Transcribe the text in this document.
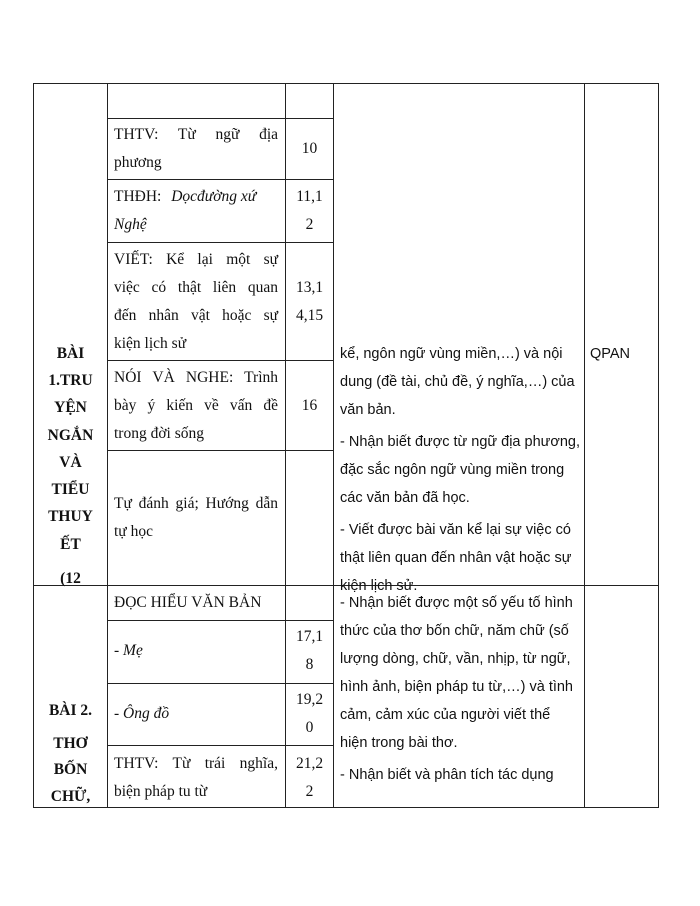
BÀI
1.TRU
YỆN
NGẮN
VÀ
TIỂU
THUY
ẾT
(12
THTV: Từ ngữ địa
phương
10
THĐH: Dọcđường xứ
Nghệ
11,1
2
VIẾT: Kể lại một sự
việc có thật liên quan
đến nhân vật hoặc sự
kiện lịch sử
13,1
4,15
NÓI VÀ NGHE: Trình
bày ý kiến về vấn đề
trong đời sống
16
Tự đánh giá; Hướng dẫn
tự học
kể, ngôn ngữ vùng miền,…) và nội
dung (đề tài, chủ đề, ý nghĩa,…) của
văn bản.
- Nhận biết được từ ngữ địa phương,
đặc sắc ngôn ngữ vùng miền trong
các văn bản đã học.
- Viết được bài văn kể lại sự việc có
thật liên quan đến nhân vật hoặc sự
kiện lịch sử.
QPAN
BÀI 2.
THƠ
BỐN
CHỮ,
ĐỌC HIỂU VĂN BẢN
- Mẹ
17,1
8
- Ông đồ
19,2
0
THTV: Từ trái nghĩa,
biện pháp tu từ
21,2
2
- Nhận biết được một số yếu tố hình
thức của thơ bốn chữ, năm chữ (số
lượng dòng, chữ, vần, nhịp, từ ngữ,
hình ảnh, biện pháp tu từ,…) và tình
cảm, cảm xúc của người viết thể
hiện trong bài thơ.
- Nhận biết và phân tích tác dụng
